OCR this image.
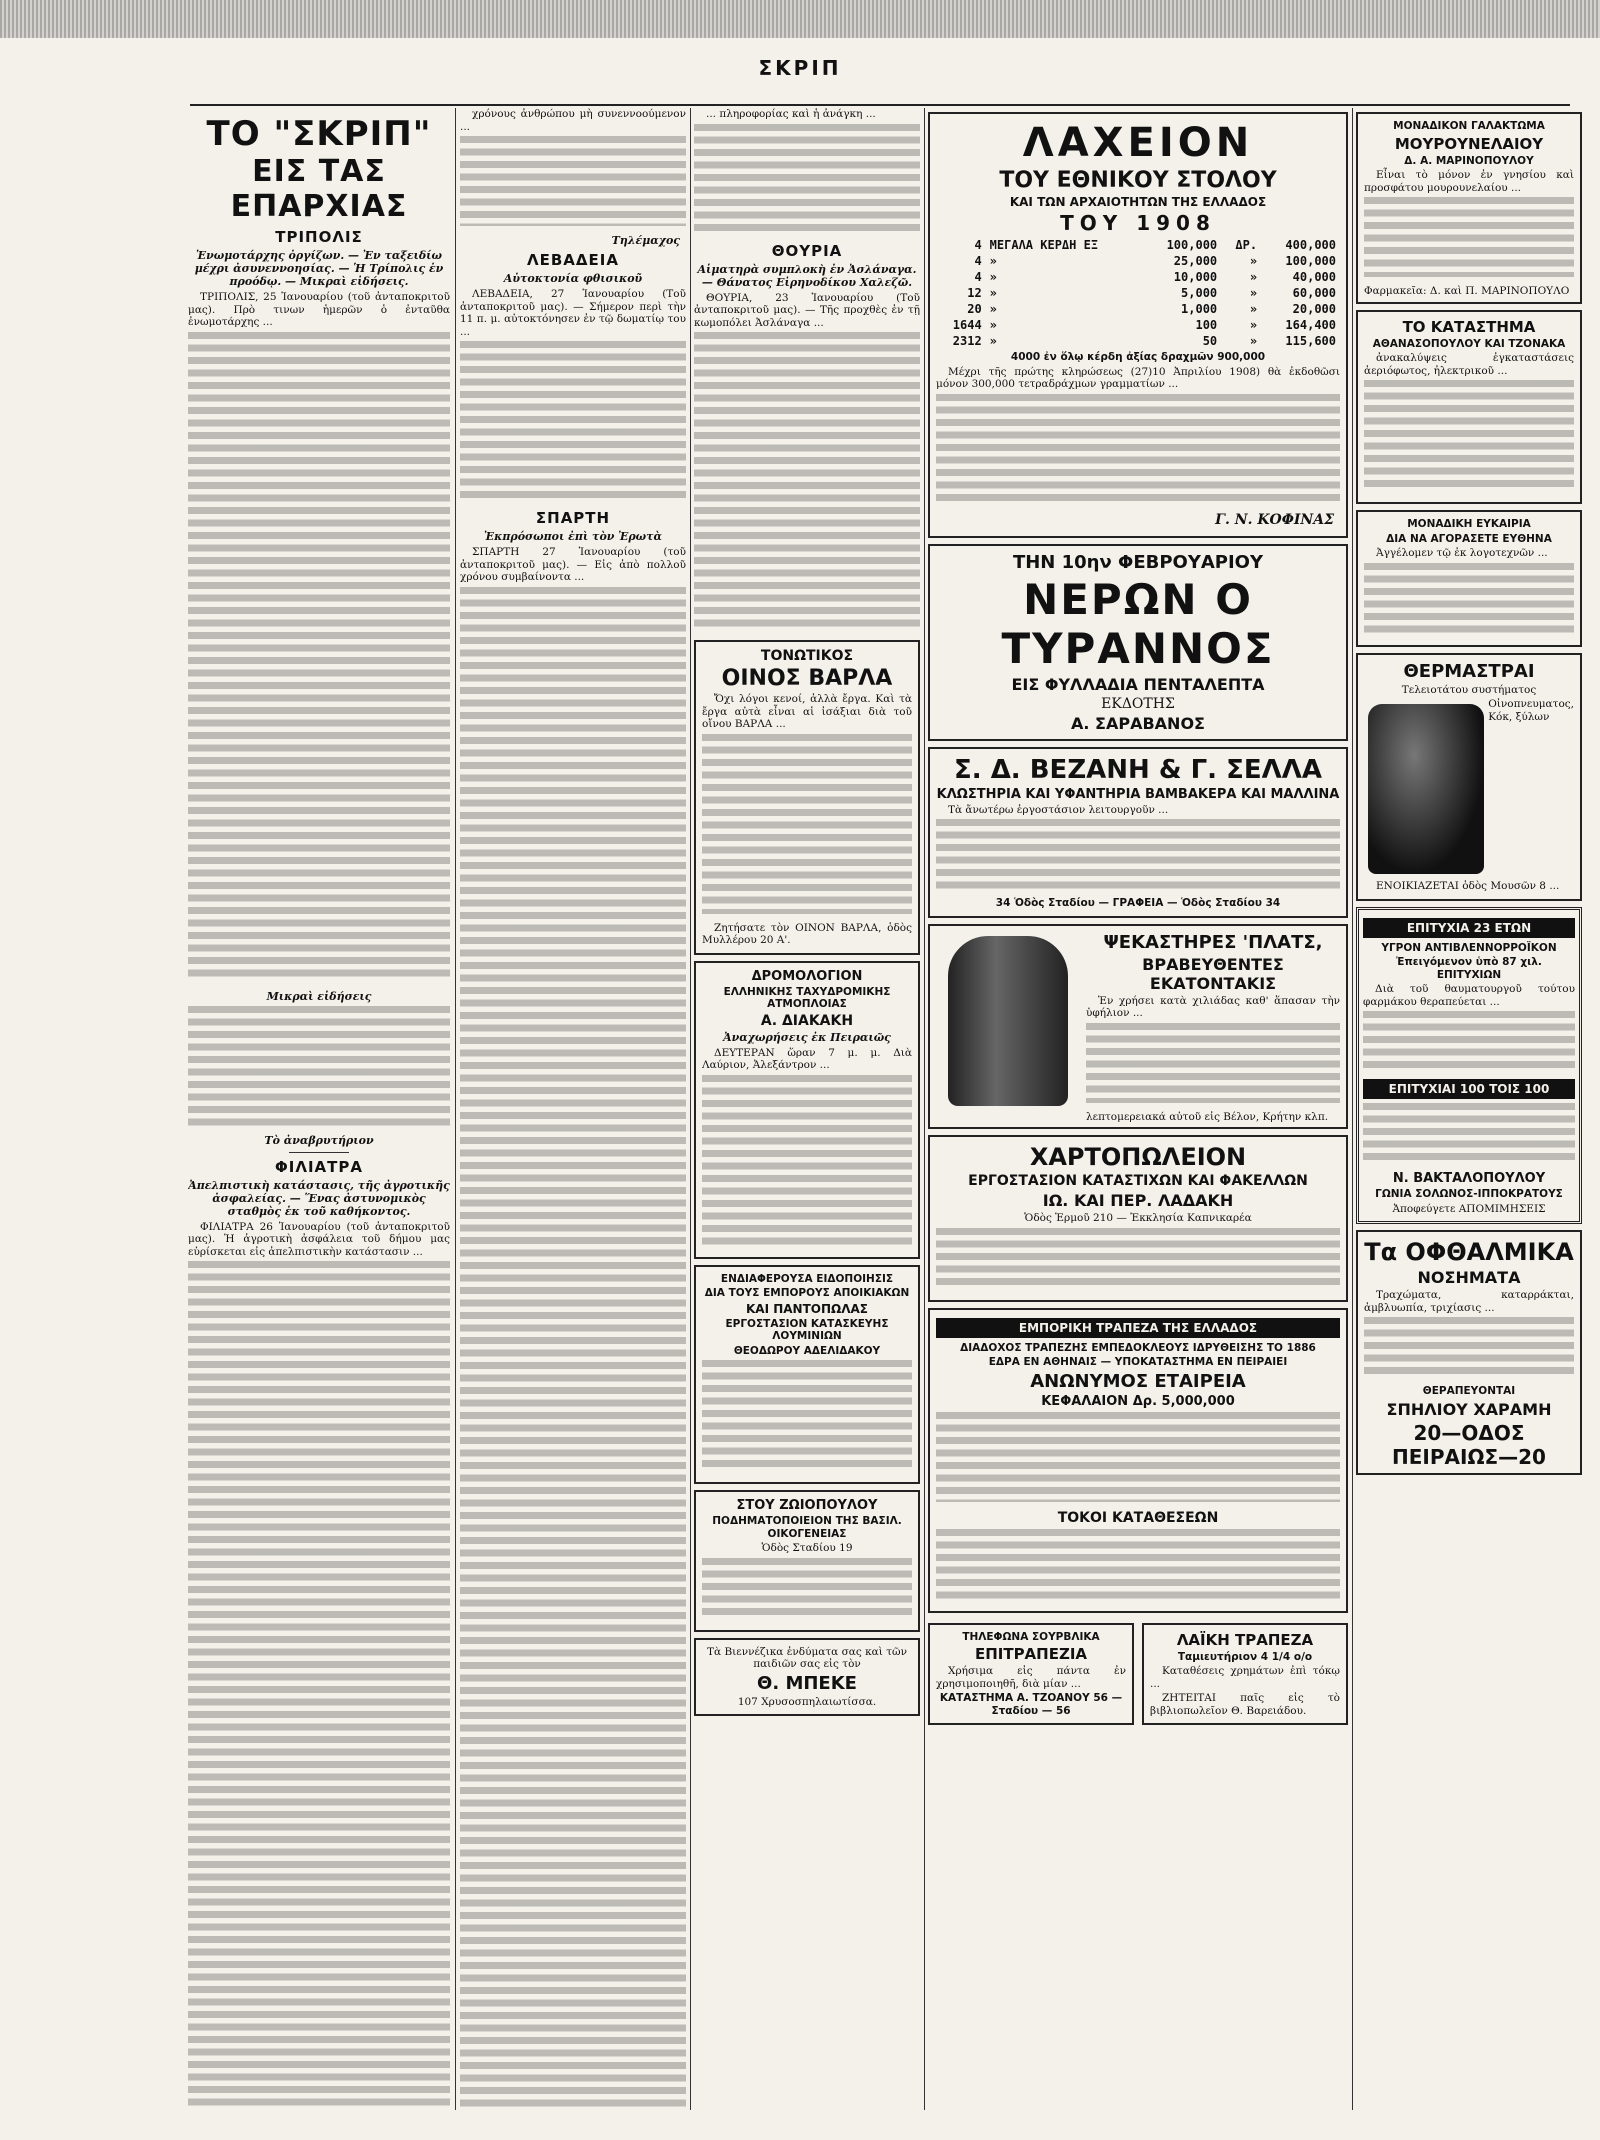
ΣΚΡΙΠ
ΤΟ "ΣΚΡΙΠ"
ΕΙΣ ΤΑΣ ΕΠΑΡΧΙΑΣ
ΤΡΙΠΟΛΙΣ

Ἐνωμοτάρχης ὀργίζων. — Ἐν ταξειδίω μέχρι ἀσυνεννοησίας. — Ἡ Τρίπολις ἐν προόδῳ. — Μικραὶ εἰδήσεις.

ΤΡΙΠΟΛΙΣ, 25 Ἰανουαρίου (τοῦ ἀνταποκριτοῦ μας). Πρὸ τινων ἡμερῶν ὁ ἐνταῦθα ἐνωμοτάρχης ...

Μικραὶ εἰδήσεις

Τὸ ἀναβρυτήριον

ΦΙΛΙΑΤΡΑ

Ἀπελπιστικὴ κατάστασις, τῆς ἀγροτικῆς ἀσφαλείας. — Ἕνας ἀστυνομικὸς σταθμὸς ἐκ τοῦ καθήκοντος.

ΦΙΛΙΑΤΡΑ 26 Ἰανουαρίου (τοῦ ἀνταποκριτοῦ μας). Ἡ ἀγροτικὴ ἀσφάλεια τοῦ δήμου μας εὑρίσκεται εἰς ἀπελπιστικὴν κατάστασιν ...

χρόνους ἀνθρώπου μὴ συνεννοούμενον ...

Τηλέμαχος

ΛΕΒΑΔΕΙΑ

Αὐτοκτονία φθισικοῦ

ΛΕΒΑΔΕΙΑ, 27 Ἰανουαρίου (Τοῦ ἀνταποκριτοῦ μας). — Σήμερον περὶ τὴν 11 π. μ. αὐτοκτόνησεν ἐν τῷ δωματίῳ του ...

ΣΠΑΡΤΗ

Ἐκπρόσωποι ἐπὶ τὸν Ἐρωτὰ

ΣΠΑΡΤΗ 27 Ἰανουαρίου (τοῦ ἀνταποκριτοῦ μας). — Εἰς ἀπὸ πολλοῦ χρόνου συμβαίνοντα ...

... πληροφορίας καὶ ἡ ἀνάγκη ...

ΘΟΥΡΙΑ

Αἱματηρὰ συμπλοκὴ ἐν Ἀσλάναγα. — Θάνατος Εἰρηνοδίκου Χαλεζῶ.

ΘΟΥΡΙΑ, 23 Ἰανουαρίου (Τοῦ ἀνταποκριτοῦ μας). — Τῆς προχθὲς ἐν τῇ κωμοπόλει Ἀσλάναγα ...

ΤΟΝΩΤΙΚΟΣ
ΟΙΝΟΣ ΒΑΡΛΑ

Ὄχι λόγοι κενοί, ἀλλὰ ἔργα. Καὶ τὰ ἔργα αὐτὰ εἶναι αἱ ἰσάξιαι διὰ τοῦ οἴνου ΒΑΡΛΑ ...

Ζητήσατε τὸν ΟΙΝΟΝ ΒΑΡΛΑ, ὁδὸς Μυλλέρου 20 Α'.

ΔΡΟΜΟΛΟΓΙΟΝ
ΕΛΛΗΝΙΚΗΣ ΤΑΧΥΔΡΟΜΙΚΗΣ ΑΤΜΟΠΛΟΙΑΣ
Α. ΔΙΑΚΑΚΗ

Ἀναχωρήσεις ἐκ Πειραιῶς

ΔΕΥΤΕΡΑΝ ὥραν 7 μ. μ. Διὰ Λαύριον, Ἀλεξάντρον ...

ΕΝΔΙΑΦΕΡΟΥΣΑ ΕΙΔΟΠΟΙΗΣΙΣ
ΔΙΑ ΤΟΥΣ ΕΜΠΟΡΟΥΣ ΑΠΟΙΚΙΑΚΩΝ
ΚΑΙ ΠΑΝΤΟΠΩΛΑΣ
ΕΡΓΟΣΤΑΣΙΟΝ ΚΑΤΑΣΚΕΥΗΣ ΛΟΥΜΙΝΙΩΝ
ΘΕΟΔΩΡΟΥ ΑΔΕΛΙΔΑΚΟΥ
ΣΤΟΥ ΖΩΙΟΠΟΥΛΟΥ
ΠΟΔΗΜΑΤΟΠΟΙΕΙΟΝ ΤΗΣ ΒΑΣΙΛ. ΟΙΚΟΓΕΝΕΙΑΣ
Ὁδὸς Σταδίου 19
Τὰ Βιεννέζικα ἐνδύματα σας καὶ τῶν παιδιῶν σας εἰς τὸν
Θ. ΜΠΕΚΕ
107 Χρυσοσπηλαιωτίσσα.
ΛΑΧΕΙΟΝ
ΤΟΥ ΕΘΝΙΚΟΥ ΣΤΟΛΟΥ
ΚΑΙ ΤΩΝ ΑΡΧΑΙΟΤΗΤΩΝ ΤΗΣ ΕΛΛΑΔΟΣ
ΤΟΥ 1908
4	ΜΕΓΑΛΑ ΚΕΡΔΗ ΕΞ	100,000	ΔΡ.	400,000
4	»	25,000	»	100,000
4	»	10,000	»	40,000
12	»	5,000	»	60,000
20	»	1,000	»	20,000
1644	»	100	»	164,400
2312	»	50	»	115,600
4000 ἐν ὅλῳ κέρδη ἀξίας δραχμῶν 900,000

Μέχρι τῆς πρώτης κληρώσεως (27)10 Ἀπριλίου 1908) θὰ ἐκδοθῶσι μόνον 300,000 τετραδράχμων γραμματίων ...

Γ. Ν. ΚΟΦΙΝΑΣ
ΤΗΝ 10ην ΦΕΒΡΟΥΑΡΙΟΥ
ΝΕΡΩΝ Ο ΤΥΡΑΝΝΟΣ
ΕΙΣ ΦΥΛΛΑΔΙΑ ΠΕΝΤΑΛΕΠΤΑ
ΕΚΔΟΤΗΣ
Α. ΣΑΡΑΒΑΝΟΣ
Σ. Δ. ΒΕΖΑΝΗ & Γ. ΣΕΛΛΑ
ΚΛΩΣΤΗΡΙΑ ΚΑΙ ΥΦΑΝΤΗΡΙΑ ΒΑΜΒΑΚΕΡΑ ΚΑΙ ΜΑΛΛΙΝΑ

Τὰ ἄνωτέρω ἐργοστάσιον λειτουργοῦν ...

34 Ὁδὸς Σταδίου — ΓΡΑΦΕΙΑ — Ὁδὸς Σταδίου 34
ΨΕΚΑΣΤΗΡΕΣ 'ΠΛΑΤΣ,
ΒΡΑΒΕΥΘΕΝΤΕΣ ΕΚΑΤΟΝΤΑΚΙΣ

Ἐν χρήσει κατὰ χιλιάδας καθ' ἅπασαν τὴν ὑφήλιον ...

λεπτομερειακά αὐτοῦ εἰς Βέλον, Κρήτην κλπ.
ΧΑΡΤΟΠΩΛΕΙΟΝ
ΕΡΓΟΣΤΑΣΙΟΝ ΚΑΤΑΣΤΙΧΩΝ ΚΑΙ ΦΑΚΕΛΛΩΝ
ΙΩ. ΚΑΙ ΠΕΡ. ΛΑΔΑΚΗ
Ὁδὸς Ἑρμοῦ 210 — Ἐκκλησία Καπνικαρέα
ΕΜΠΟΡΙΚΗ ΤΡΑΠΕΖΑ ΤΗΣ ΕΛΛΑΔΟΣ
ΔΙΑΔΟΧΟΣ ΤΡΑΠΕΖΗΣ ΕΜΠΕΔΟΚΛΕΟΥΣ ΙΔΡΥΘΕΙΣΗΣ ΤΟ 1886
ΕΔΡΑ ΕΝ ΑΘΗΝΑΙΣ — ΥΠΟΚΑΤΑΣΤΗΜΑ ΕΝ ΠΕΙΡΑΙΕΙ
ΑΝΩΝΥΜΟΣ ΕΤΑΙΡΕΙΑ
ΚΕΦΑΛΑΙΟΝ Δρ. 5,000,000
ΤΟΚΟΙ ΚΑΤΑΘΕΣΕΩΝ
ΤΗΛΕΦΩΝΑ ΣΟΥΡΒΛΙΚΑ
ΕΠΙΤΡΑΠΕΖΙΑ

Χρήσιμα εἰς πάντα ἐν χρησιμοποιηθῆ, διὰ μίαν ...

ΚΑΤΑΣΤΗΜΑ Α. ΤΖΟΑΝΟΥ 56 — Σταδίου — 56
ΛΑΪΚΗ ΤΡΑΠΕΖΑ
Ταμιευτήριον 4 1/4 ο/ο

Καταθέσεις χρημάτων ἐπὶ τόκῳ ...

ΖΗΤΕΙΤΑΙ παῖς εἰς τὸ βιβλιοπωλεῖον Θ. Βαρειάδου.

ΜΟΝΑΔΙΚΟΝ ΓΑΛΑΚΤΩΜΑ
ΜΟΥΡΟΥΝΕΛΑΙΟΥ
Δ. Α. ΜΑΡΙΝΟΠΟΥΛΟΥ

Εἶναι τὸ μόνον ἐν γνησίου καὶ προσφάτου μουρουνελαίου ...

Φαρμακεῖα: Δ. καὶ Π. ΜΑΡΙΝΟΠΟΥΛΟ
ΤΟ ΚΑΤΑΣΤΗΜΑ
ΑΘΑΝΑΣΟΠΟΥΛΟΥ ΚΑΙ ΤΖΟΝΑΚΑ

ἀνακαλύψεις ἐγκαταστάσεις ἀεριόφωτος, ἠλεκτρικοῦ ...

ΜΟΝΑΔΙΚΗ ΕΥΚΑΙΡΙΑ
ΔΙΑ ΝΑ ΑΓΟΡΑΣΕΤΕ ΕΥΘΗΝΑ

Ἀγγέλομεν τῷ ἐκ λογοτεχνῶν ...

ΘΕΡΜΑΣΤΡΑΙ
Τελειοτάτου συστήματος
Οἰνοπνευματος, Κόκ, ξύλων

ΕΝΟΙΚΙΑΖΕΤΑΙ ὁδὸς Μουσῶν 8 ...

ΕΠΙΤΥΧΙΑ 23 ΕΤΩΝ
ΥΓΡΟΝ ΑΝΤΙΒΛΕΝΝΟΡΡΟΪΚΟΝ
Ἐπειγόμενον ὑπὸ 87 χιλ. ΕΠΙΤΥΧΙΩΝ

Διὰ τοῦ θαυματουργοῦ τούτου φαρμάκου θεραπεύεται ...

ΕΠΙΤΥΧΙΑΙ 100 ΤΟΙΣ 100
Ν. ΒΑΚΤΑΛΟΠΟΥΛΟΥ
ΓΩΝΙΑ ΣΟΛΩΝΟΣ-ΙΠΠΟΚΡΑΤΟΥΣ
Ἀποφεύγετε ΑΠΟΜΙΜΗΣΕΙΣ
Τα ΟΦΘΑΛΜΙΚΑ
ΝΟΣΗΜΑΤΑ

Τραχώματα, καταρράκται, ἀμβλυωπία, τριχίασις ...

ΘΕΡΑΠΕΥΟΝΤΑΙ
ΣΠΗΛΙΟΥ ΧΑΡΑΜΗ
20—ΟΔΟΣ ΠΕΙΡΑΙΩΣ—20
